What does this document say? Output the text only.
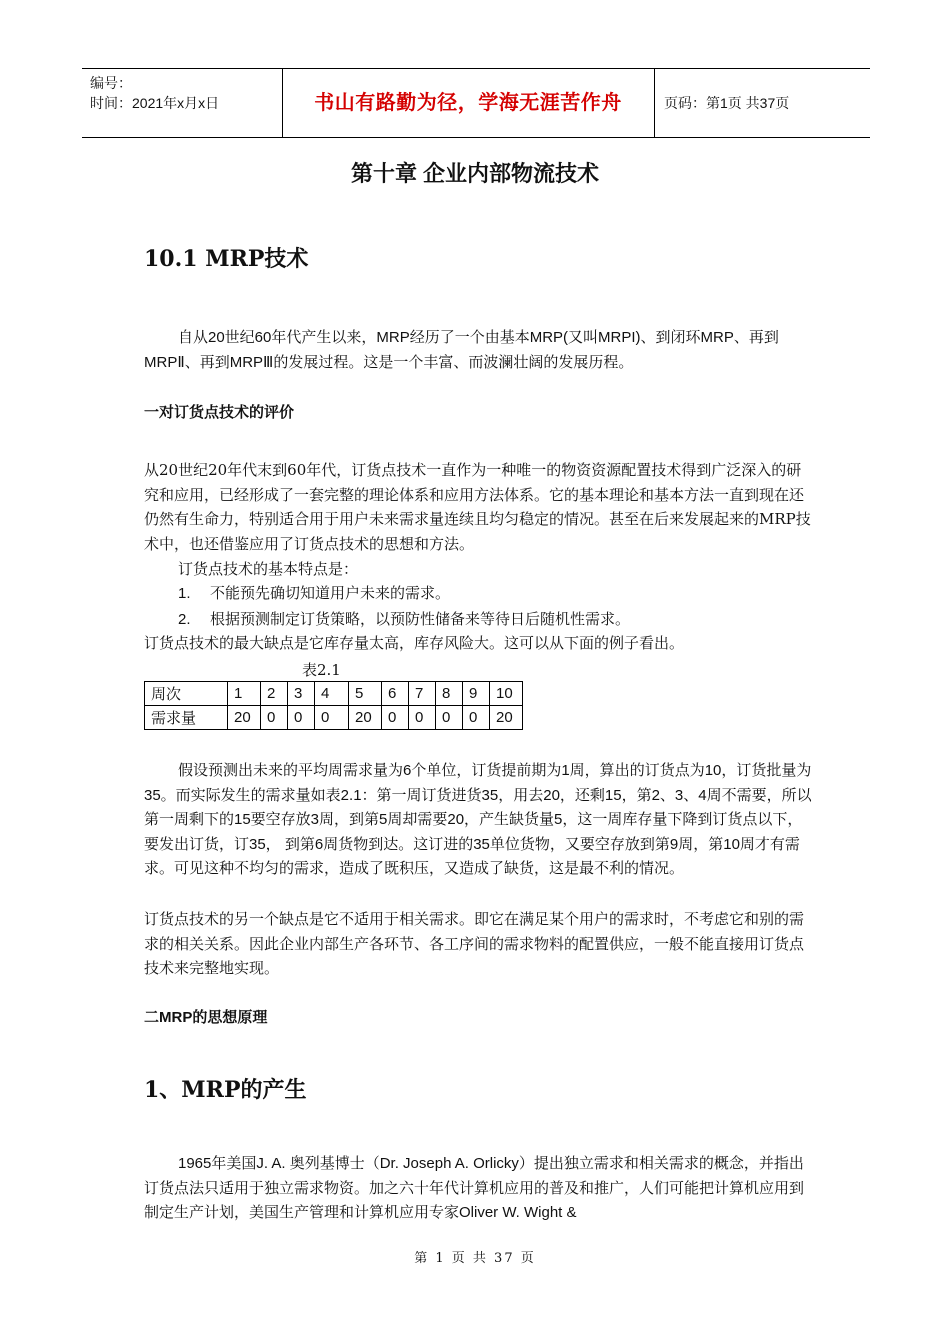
编号：
时间：2021年x月x日	书山有路勤为径，学海无涯苦作舟	页码：第1页 共37页
第十章 企业内部物流技术
10.1 MRP技术

自从20世纪60年代产生以来，MRP经历了一个由基本MRP(又叫MRPI)、到闭环MRP、再到MRPⅡ、再到MRPⅢ的发展过程。这是一个丰富、而波澜壮阔的发展历程。

一对订货点技术的评价

从20世纪20年代末到60年代，订货点技术一直作为一种唯一的物资资源配置技术得到广泛深入的研究和应用，已经形成了一套完整的理论体系和应用方法体系。它的基本理论和基本方法一直到现在还仍然有生命力，特别适合用于用户未来需求量连续且均匀稳定的情况。甚至在后来发展起来的MRP技术中，也还借鉴应用了订货点技术的思想和方法。

订货点技术的基本特点是：

1. 不能预先确切知道用户未来的需求。
2. 根据预测制定订货策略，以预防性储备来等待日后随机性需求。

订货点技术的最大缺点是它库存量太高，库存风险大。这可以从下面的例子看出。

表2.1
周次	1	2	3	4	5	6	7	8	9	10
需求量	20	0	0	0	20	0	0	0	0	20

假设预测出未来的平均周需求量为6个单位，订货提前期为1周，算出的订货点为10，订货批量为35。而实际发生的需求量如表2.1：第一周订货进货35，用去20，还剩15，第2、3、4周不需要，所以第一周剩下的15要空存放3周，到第5周却需要20，产生缺货量5，这一周库存量下降到订货点以下，要发出订货，订35， 到第6周货物到达。这订进的35单位货物，又要空存放到第9周，第10周才有需求。可见这种不均匀的需求，造成了既积压，又造成了缺货，这是最不利的情况。

订货点技术的另一个缺点是它不适用于相关需求。即它在满足某个用户的需求时，不考虑它和别的需求的相关关系。因此企业内部生产各环节、各工序间的需求物料的配置供应，一般不能直接用订货点技术来完整地实现。

二MRP的思想原理
1、MRP的产生

1965年美国J. A. 奥列基博士（Dr. Joseph A. Orlicky）提出独立需求和相关需求的概念，并指出订货点法只适用于独立需求物资。加之六十年代计算机应用的普及和推广，人们可能把计算机应用到制定生产计划，美国生产管理和计算机应用专家Oliver W. Wight &

第 1 页 共 37 页
